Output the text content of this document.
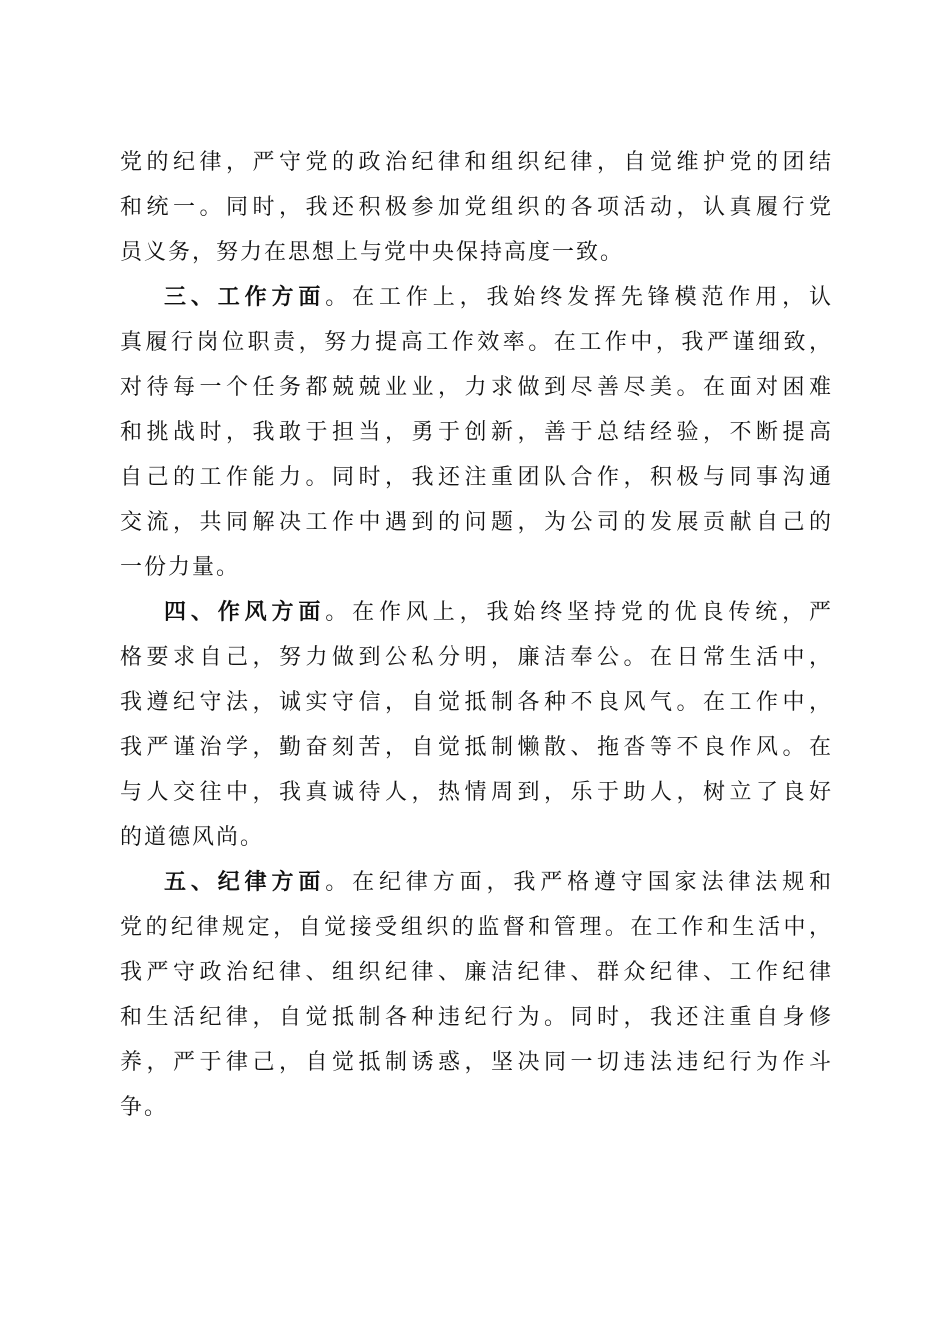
党的纪律，严守党的政治纪律和组织纪律，自觉维护党的团结
和统一。同时，我还积极参加党组织的各项活动，认真履行党
员义务，努力在思想上与党中央保持高度一致。
三、工作方面。在工作上，我始终发挥先锋模范作用，认
真履行岗位职责，努力提高工作效率。在工作中，我严谨细致，
对待每一个任务都兢兢业业，力求做到尽善尽美。在面对困难
和挑战时，我敢于担当，勇于创新，善于总结经验，不断提高
自己的工作能力。同时，我还注重团队合作，积极与同事沟通
交流，共同解决工作中遇到的问题，为公司的发展贡献自己的
一份力量。
四、作风方面。在作风上，我始终坚持党的优良传统，严
格要求自己，努力做到公私分明，廉洁奉公。在日常生活中，
我遵纪守法，诚实守信，自觉抵制各种不良风气。在工作中，
我严谨治学，勤奋刻苦，自觉抵制懒散、拖沓等不良作风。在
与人交往中，我真诚待人，热情周到，乐于助人，树立了良好
的道德风尚。
五、纪律方面。在纪律方面，我严格遵守国家法律法规和
党的纪律规定，自觉接受组织的监督和管理。在工作和生活中，
我严守政治纪律、组织纪律、廉洁纪律、群众纪律、工作纪律
和生活纪律，自觉抵制各种违纪行为。同时，我还注重自身修
养，严于律己，自觉抵制诱惑，坚决同一切违法违纪行为作斗
争。
